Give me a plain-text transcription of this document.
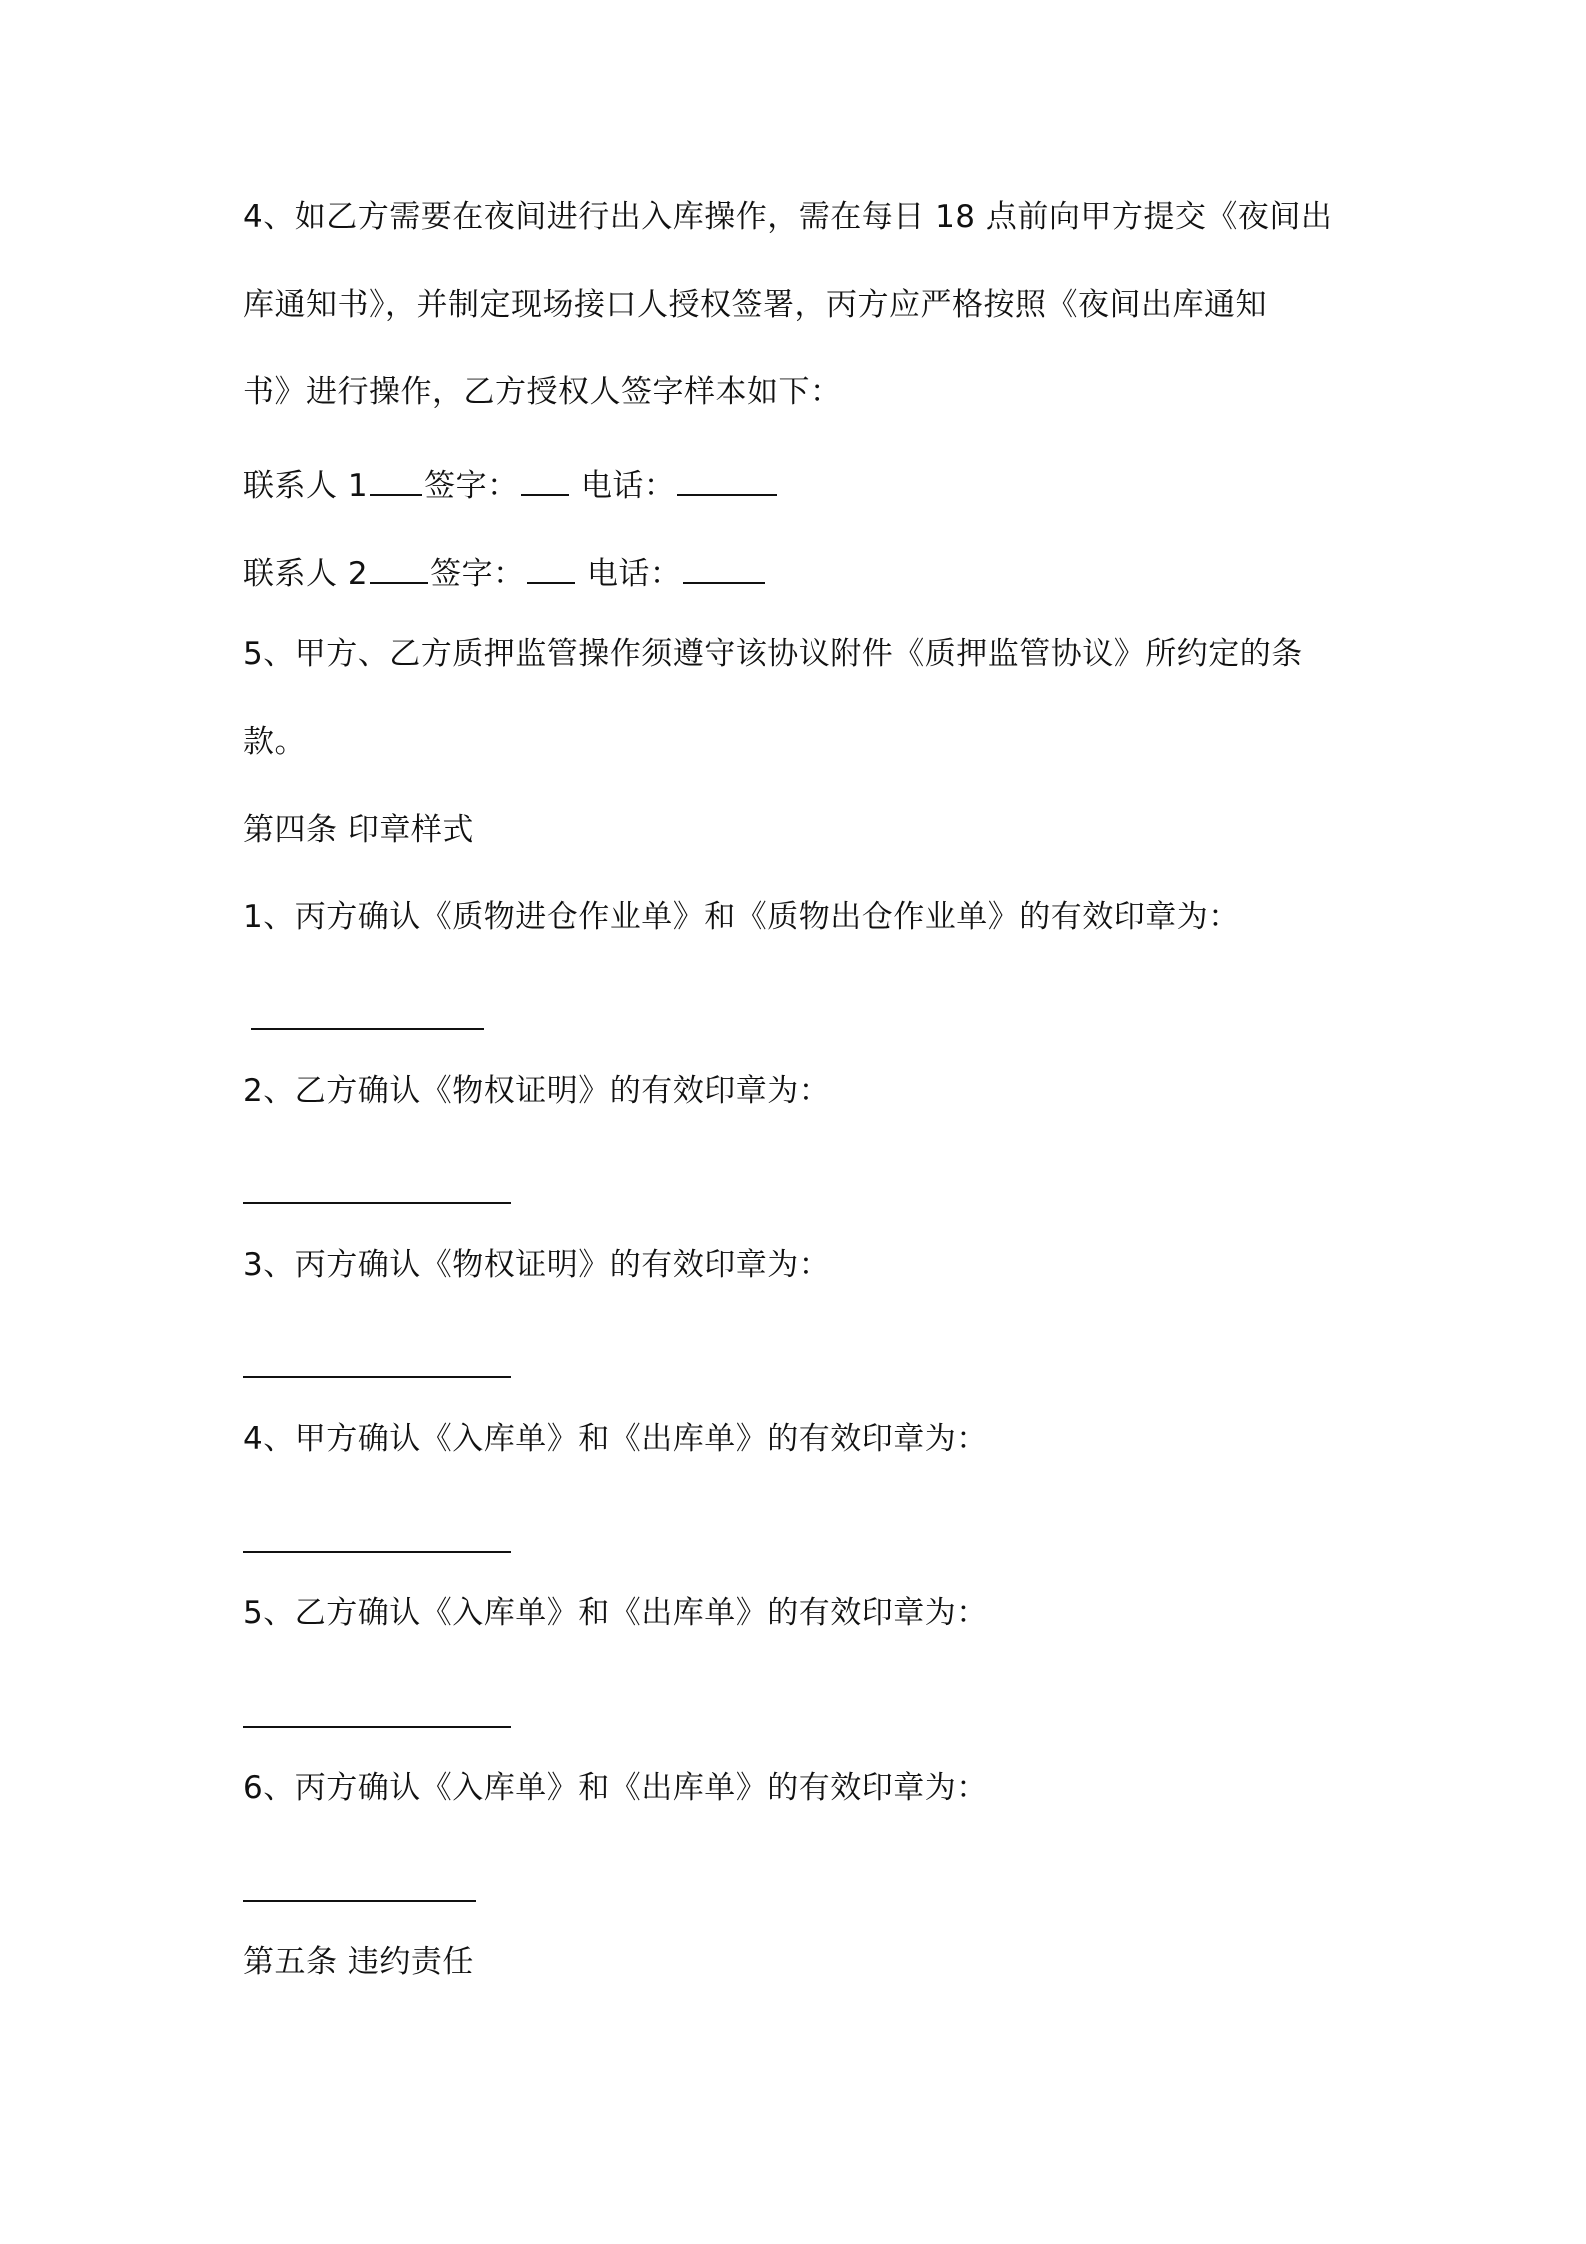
4、如乙方需要在夜间进行出入库操作，需在每日 18 点前向甲方提交《夜间出
库通知书》，并制定现场接口人授权签署，丙方应严格按照《夜间出库通知
书》进行操作，乙方授权人签字样本如下：
联系人 1 签字： 电话：
联系人 2 签字： 电话：
5、甲方、乙方质押监管操作须遵守该协议附件《质押监管协议》所约定的条
款。
第四条 印章样式
1、丙方确认《质物进仓作业单》和《质物出仓作业单》的有效印章为：
2、乙方确认《物权证明》的有效印章为：
3、丙方确认《物权证明》的有效印章为：
4、甲方确认《入库单》和《出库单》的有效印章为：
5、乙方确认《入库单》和《出库单》的有效印章为：
6、丙方确认《入库单》和《出库单》的有效印章为：
第五条 违约责任
